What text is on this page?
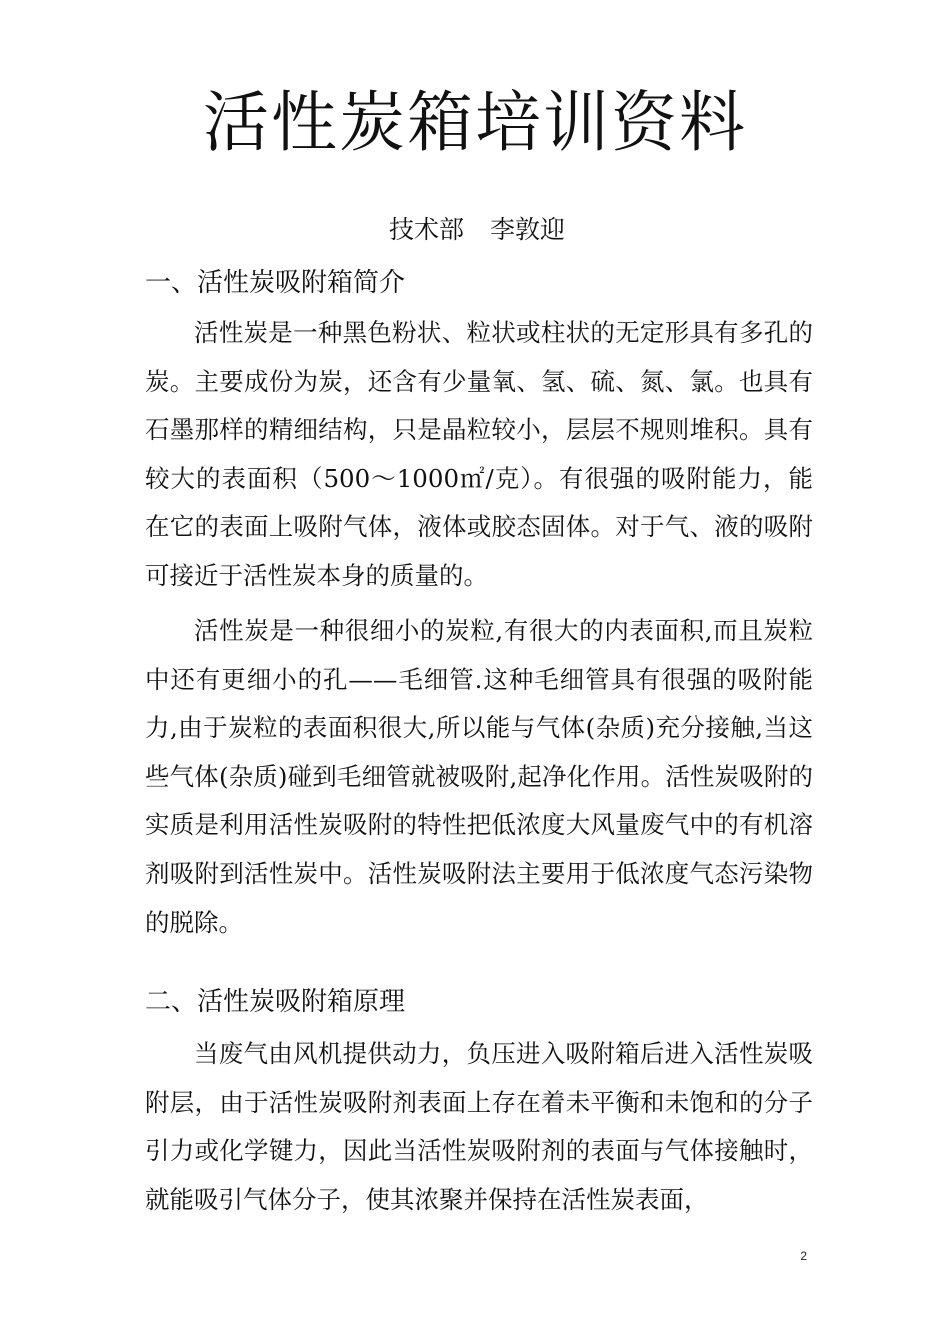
活性炭箱培训资料

技术部 李敦迎

一、活性炭吸附箱简介

活性炭是一种黑色粉状、粒状或柱状的无定形具有多孔的炭。主要成份为炭，还含有少量氧、氢、硫、氮、氯。也具有石墨那样的精细结构，只是晶粒较小，层层不规则堆积。具有较大的表面积（500～1000㎡/克）。有很强的吸附能力，能在它的表面上吸附气体，液体或胶态固体。对于气、液的吸附可接近于活性炭本身的质量的。

活性炭是一种很细小的炭粒,有很大的内表面积,而且炭粒中还有更细小的孔——毛细管.这种毛细管具有很强的吸附能力,由于炭粒的表面积很大,所以能与气体(杂质)充分接触,当这些气体(杂质)碰到毛细管就被吸附,起净化作用。活性炭吸附的实质是利用活性炭吸附的特性把低浓度大风量废气中的有机溶剂吸附到活性炭中。活性炭吸附法主要用于低浓度气态污染物的脱除。

二、活性炭吸附箱原理

当废气由风机提供动力，负压进入吸附箱后进入活性炭吸附层，由于活性炭吸附剂表面上存在着未平衡和未饱和的分子引力或化学键力，因此当活性炭吸附剂的表面与气体接触时，就能吸引气体分子，使其浓聚并保持在活性炭表面，

2
